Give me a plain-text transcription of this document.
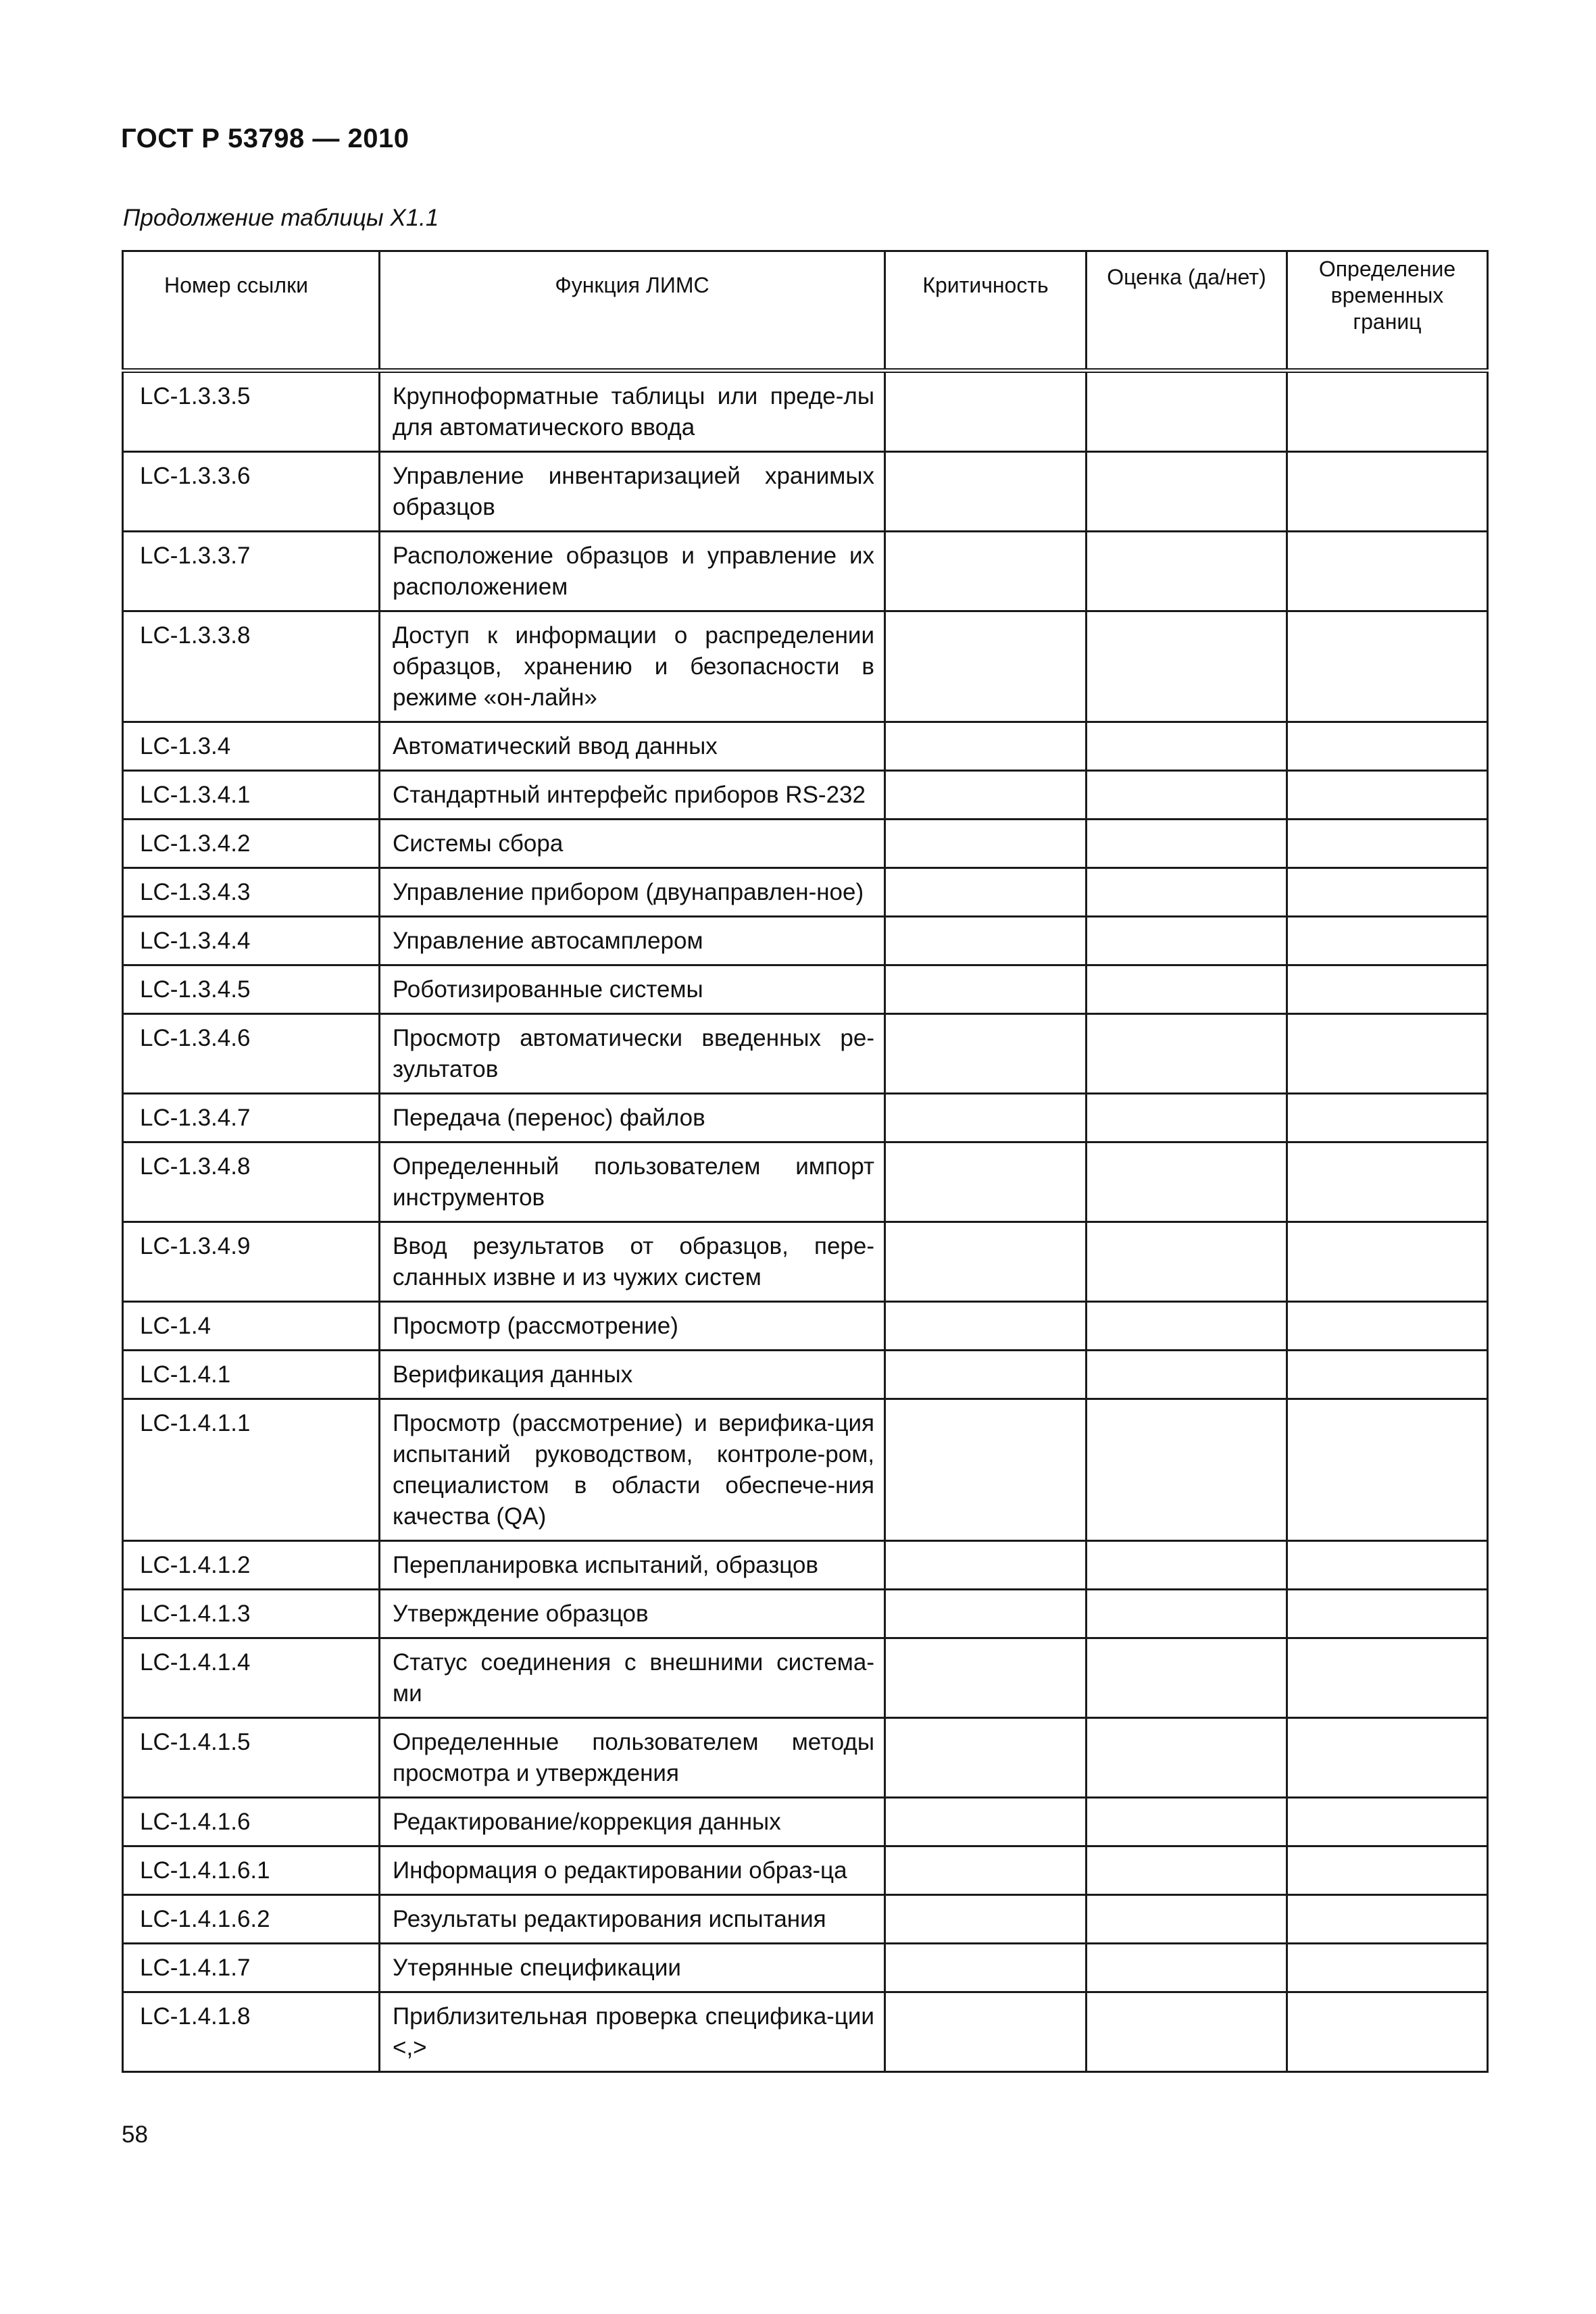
ГОСТ Р 53798 — 2010
Продолжение таблицы Х1.1
Номер ссылки	Функция ЛИМС	Критичность	Оценка (да/нет)	Определение временных границ
LC-1.3.3.5	Крупноформатные таблицы или преде-лы для автоматического ввода			
LC-1.3.3.6	Управление инвентаризацией хранимых образцов			
LC-1.3.3.7	Расположение образцов и управление их расположением			
LC-1.3.3.8	Доступ к информации о распределении образцов, хранению и безопасности в режиме «он-лайн»			
LC-1.3.4	Автоматический ввод данных			
LC-1.3.4.1	Стандартный интерфейс приборов RS-232			
LC-1.3.4.2	Системы сбора			
LC-1.3.4.3	Управление прибором (двунаправлен-ное)			
LC-1.3.4.4	Управление автосамплером			
LC-1.3.4.5	Роботизированные системы			
LC-1.3.4.6	Просмотр автоматически введенных ре-зультатов			
LC-1.3.4.7	Передача (перенос) файлов			
LC-1.3.4.8	Определенный пользователем импорт инструментов			
LC-1.3.4.9	Ввод результатов от образцов, пере-сланных извне и из чужих систем			
LC-1.4	Просмотр (рассмотрение)			
LC-1.4.1	Верификация данных			
LC-1.4.1.1	Просмотр (рассмотрение) и верифика-ция испытаний руководством, контроле-ром, специалистом в области обеспече-ния качества (QA)			
LC-1.4.1.2	Перепланировка испытаний, образцов			
LC-1.4.1.3	Утверждение образцов			
LC-1.4.1.4	Статус соединения с внешними система-ми			
LC-1.4.1.5	Определенные пользователем методы просмотра и утверждения			
LC-1.4.1.6	Редактирование/коррекция данных			
LC-1.4.1.6.1	Информация о редактировании образ-ца			
LC-1.4.1.6.2	Результаты редактирования испытания			
LC-1.4.1.7	Утерянные спецификации			
LC-1.4.1.8	Приблизительная проверка специфика-ции <,>			
58
